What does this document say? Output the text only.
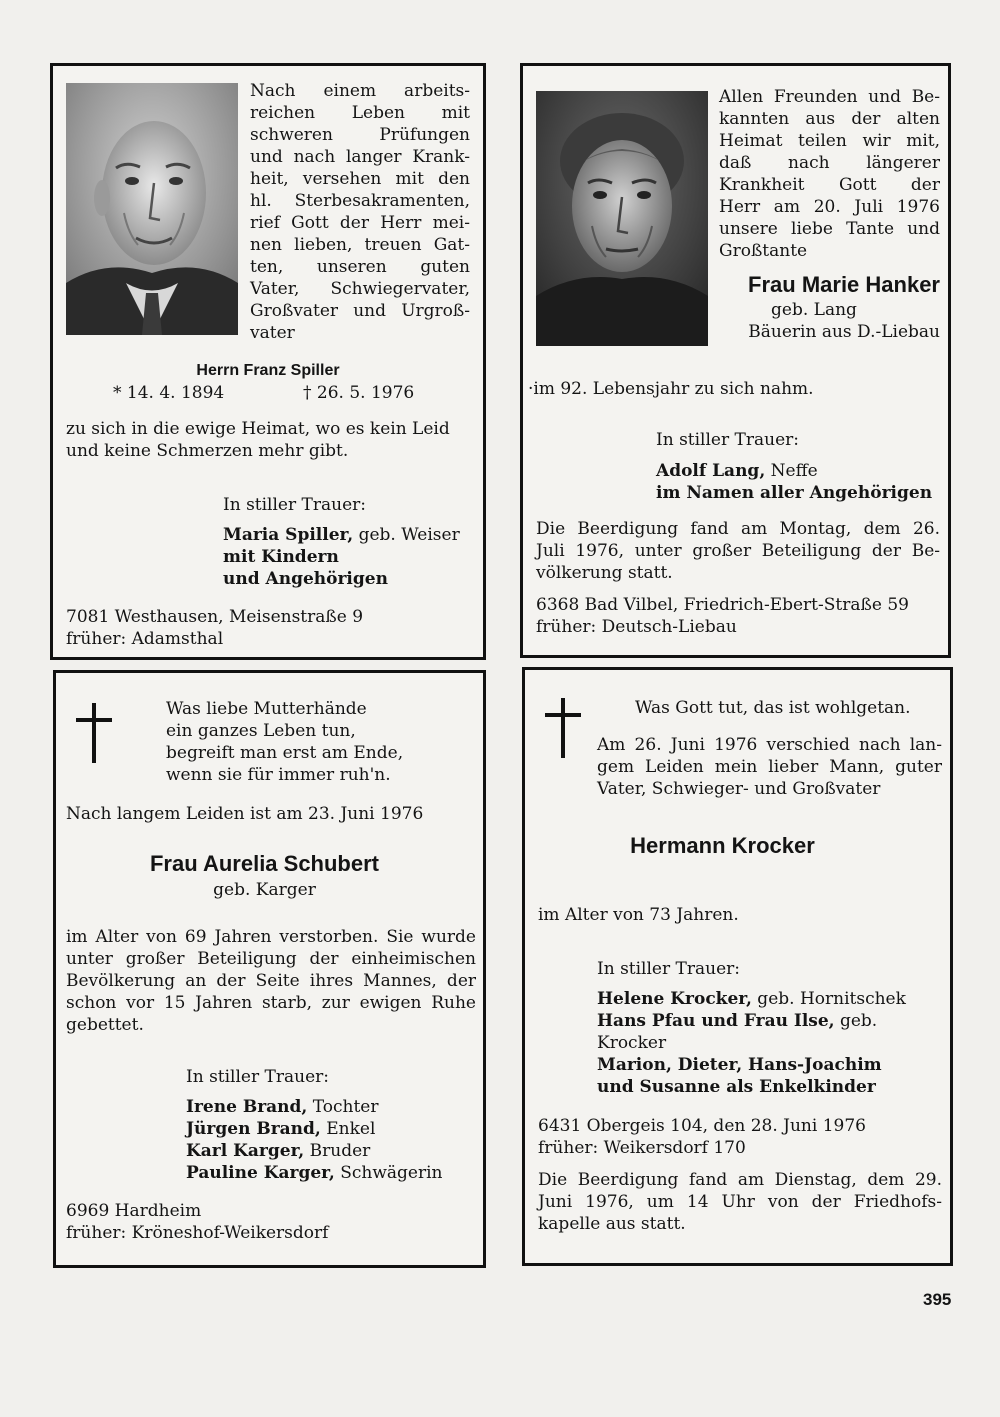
Nach einem arbeits-
reichen Leben mit
schweren Prüfungen
und nach langer Krank-
heit, versehen mit den
hl. Sterbesakramenten,
rief Gott der Herr mei-
nen lieben, treuen Gat-
ten, unseren guten
Vater, Schwiegervater,
Großvater und Urgroß-
vater
Herrn Franz Spiller
* 14. 4. 1894	† 26. 5. 1976
zu sich in die ewige Heimat, wo es kein Leid
und keine Schmerzen mehr gibt.
In stiller Trauer:
Maria Spiller, geb. Weiser
mit Kindern
und Angehörigen
7081 Westhausen, Meisenstraße 9
früher: Adamsthal
Allen Freunden und Be-
kannten aus der alten
Heimat teilen wir mit,
daß nach längerer
Krankheit Gott der
Herr am 20. Juli 1976
unsere liebe Tante und
Großtante
Frau Marie Hanker
geb. Lang
Bäuerin aus D.-Liebau
·im 92. Lebensjahr zu sich nahm.
In stiller Trauer:
Adolf Lang, Neffe
im Namen aller Angehörigen
Die Beerdigung fand am Montag, dem 26.
Juli 1976, unter großer Beteiligung der Be-
völkerung statt.
6368 Bad Vilbel, Friedrich-Ebert-Straße 59
früher: Deutsch-Liebau
Was liebe Mutterhände
ein ganzes Leben tun,
begreift man erst am Ende,
wenn sie für immer ruh'n.
Nach langem Leiden ist am 23. Juni 1976
Frau Aurelia Schubert
geb. Karger
im Alter von 69 Jahren verstorben. Sie wurde
unter großer Beteiligung der einheimischen
Bevölkerung an der Seite ihres Mannes, der
schon vor 15 Jahren starb, zur ewigen Ruhe
gebettet.
In stiller Trauer:
Irene Brand, Tochter
Jürgen Brand, Enkel
Karl Karger, Bruder
Pauline Karger, Schwägerin
6969 Hardheim
früher: Kröneshof-Weikersdorf
Was Gott tut, das ist wohlgetan.
Am 26. Juni 1976 verschied nach lan-
gem Leiden mein lieber Mann, guter
Vater, Schwieger- und Großvater
Hermann Krocker
im Alter von 73 Jahren.
In stiller Trauer:
Helene Krocker, geb. Hornitschek
Hans Pfau und Frau Ilse, geb. Krocker
Marion, Dieter, Hans-Joachim
und Susanne als Enkelkinder
6431 Obergeis 104, den 28. Juni 1976
früher: Weikersdorf 170
Die Beerdigung fand am Dienstag, dem 29.
Juni 1976, um 14 Uhr von der Friedhofs-
kapelle aus statt.
395
